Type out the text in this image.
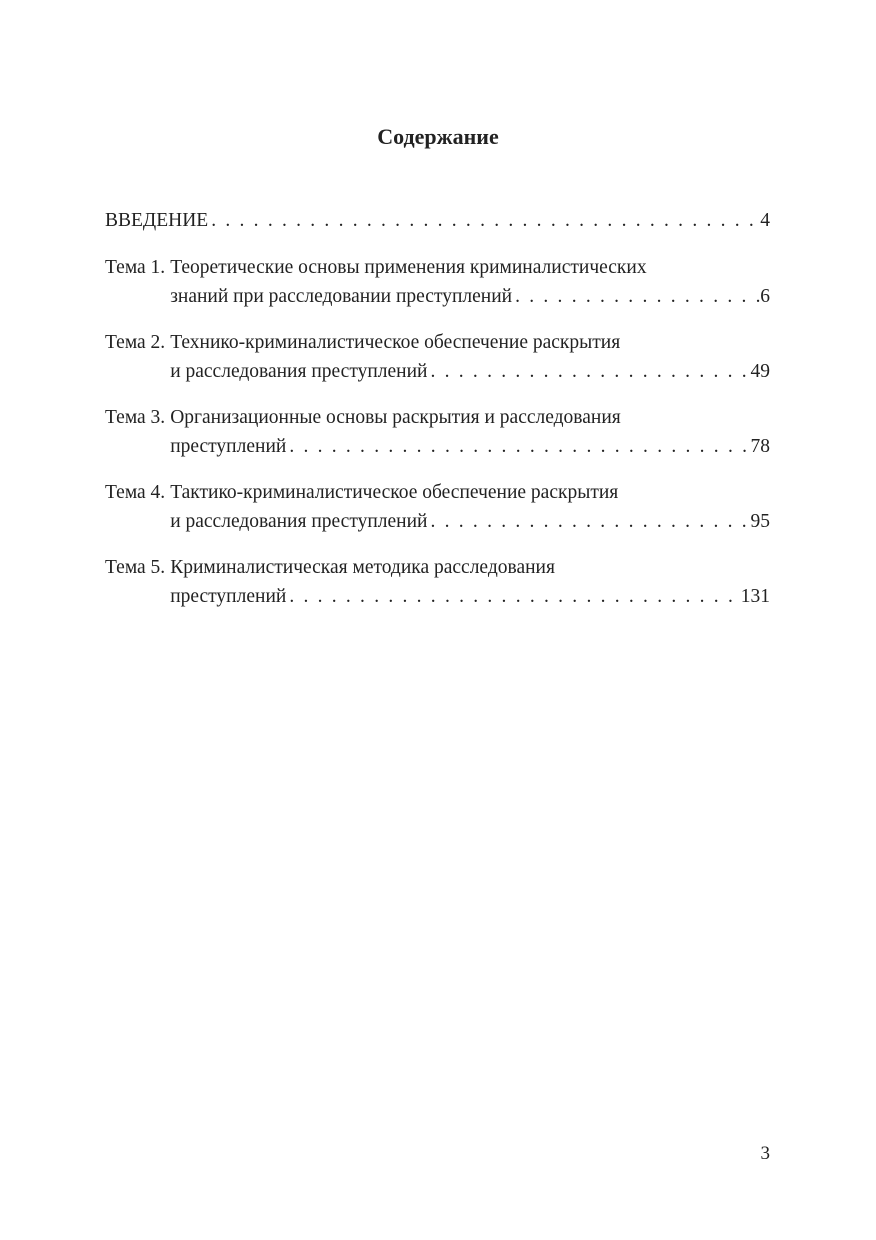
Содержание
ВВЕДЕНИЕ . . .	4
Тема 1. Теоретические основы применения криминалистических
знаний при расследовании преступлений . . .	6
Тема 2. Технико-криминалистическое обеспечение раскрытия
и расследования преступлений . . .	49
Тема 3. Организационные основы раскрытия и расследования
преступлений . . .	78
Тема 4. Тактико-криминалистическое обеспечение раскрытия
и расследования преступлений . . .	95
Тема 5. Криминалистическая методика расследования
преступлений . . .	131
3
